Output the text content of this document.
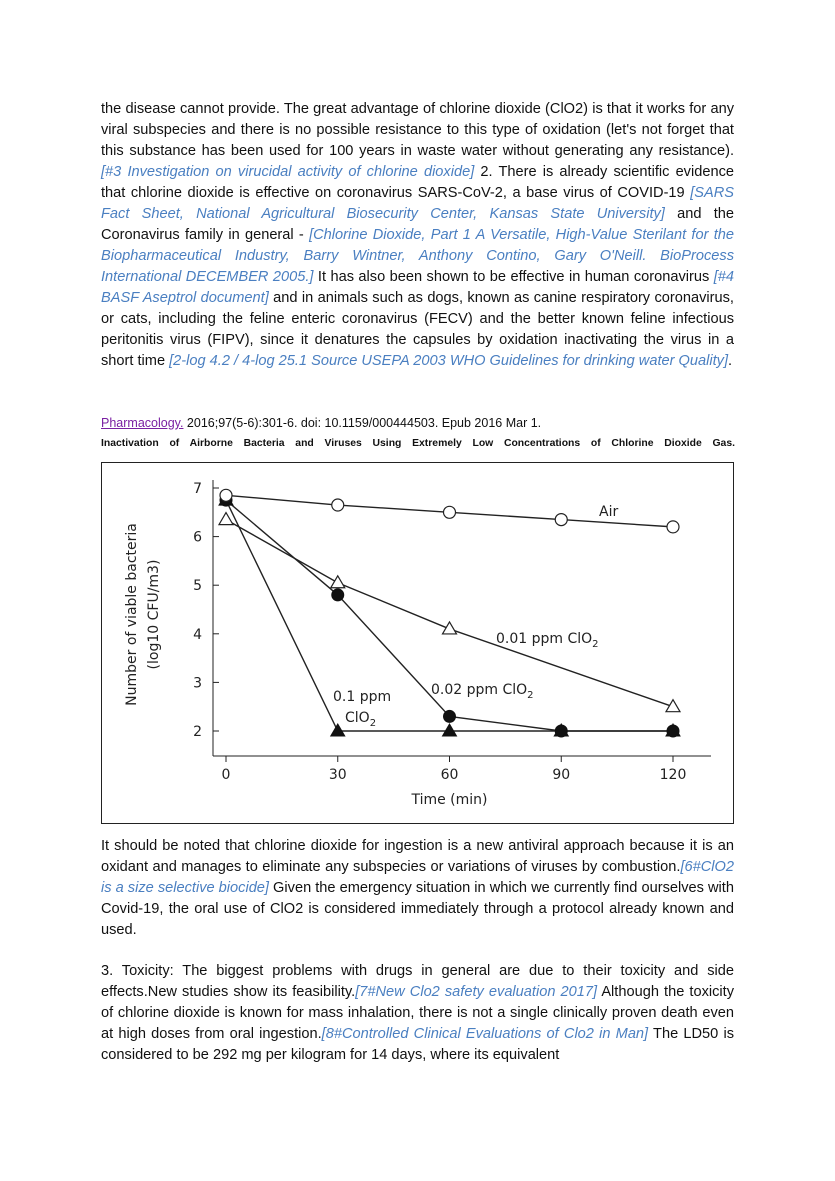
the disease cannot provide. The great advantage of chlorine dioxide (ClO2) is that it works for any viral subspecies and there is no possible resistance to this type of oxidation (let's not forget that this substance has been used for 100 years in waste water without generating any resistance). [#3 Investigation on virucidal activity of chlorine dioxide] 2. There is already scientific evidence that chlorine dioxide is effective on coronavirus SARS-CoV-2, a base virus of COVID-19 [SARS Fact Sheet, National Agricultural Biosecurity Center, Kansas State University] and the Coronavirus family in general - [Chlorine Dioxide, Part 1 A Versatile, High-Value Sterilant for the Biopharmaceutical Industry, Barry Wintner, Anthony Contino, Gary O'Neill. BioProcess International DECEMBER 2005.] It has also been shown to be effective in human coronavirus [#4 BASF Aseptrol document] and in animals such as dogs, known as canine respiratory coronavirus, or cats, including the feline enteric coronavirus (FECV) and the better known feline infectious peritonitis virus (FIPV), since it denatures the capsules by oxidation inactivating the virus in a short time [2-log 4.2 / 4-log 25.1 Source USEPA 2003 WHO Guidelines for drinking water Quality].
Pharmacology. 2016;97(5-6):301-6. doi: 10.1159/000444503. Epub 2016 Mar 1.
Inactivation of Airborne Bacteria and Viruses Using Extremely Low Concentrations of Chlorine Dioxide Gas.
2
3
4
5
6
7
0	30	60	90	120
Time (min)
Number of viable bacteria (log10 CFU/m3)
Air
0.01 ppm ClO$_2$
0.02 ppm ClO$_2$
0.1 ppm
ClO$_2$
It should be noted that chlorine dioxide for ingestion is a new antiviral approach because it is an oxidant and manages to eliminate any subspecies or variations of viruses by combustion.[6#ClO2 is a size selective biocide] Given the emergency situation in which we currently find ourselves with Covid-19, the oral use of ClO2 is considered immediately through a protocol already known and used.
3. Toxicity: The biggest problems with drugs in general are due to their toxicity and side effects.New studies show its feasibility.[7#New Clo2 safety evaluation 2017] Although the toxicity of chlorine dioxide is known for mass inhalation, there is not a single clinically proven death even at high doses from oral ingestion.[8#Controlled Clinical Evaluations of Clo2 in Man] The LD50 is considered to be 292 mg per kilogram for 14 days, where its equivalent
